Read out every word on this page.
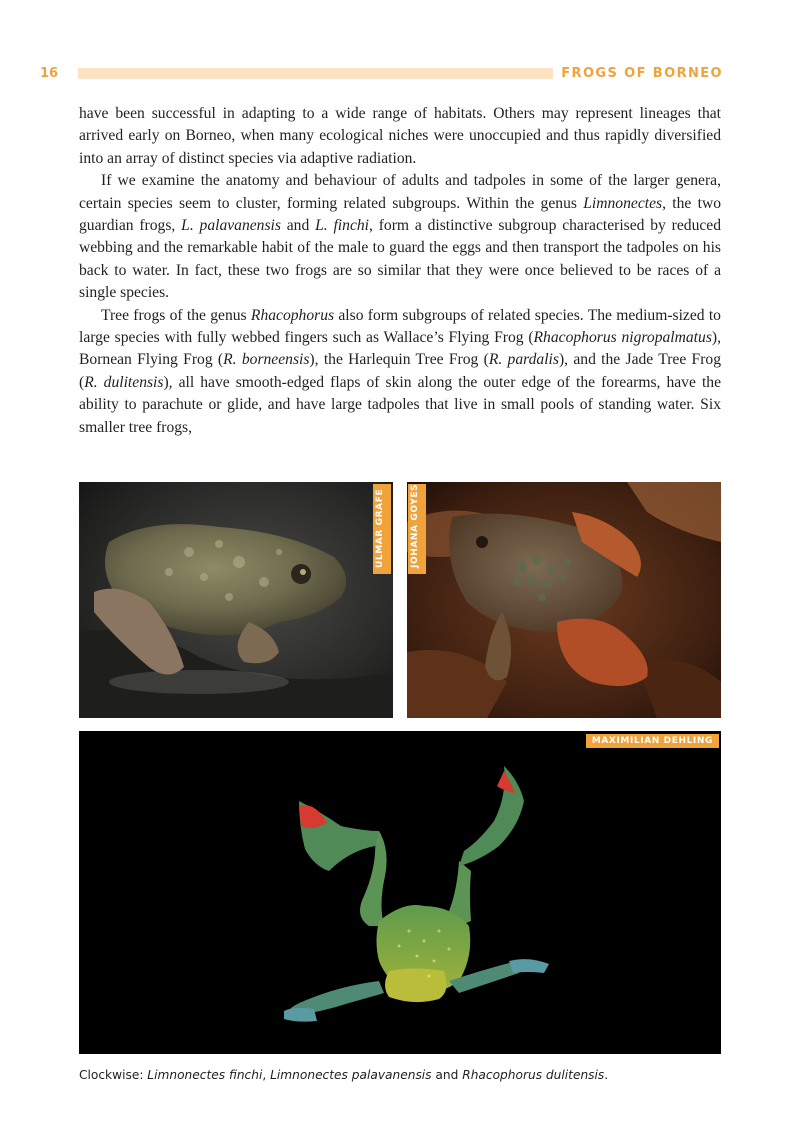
16	FROGS OF BORNEO

have been successful in adapting to a wide range of habitats. Others may represent lineages that arrived early on Borneo, when many ecological niches were unoccupied and thus rapidly diversified into an array of distinct species via adaptive radiation.

If we examine the anatomy and behaviour of adults and tadpoles in some of the larger genera, certain species seem to cluster, forming related subgroups. Within the genus Limnonectes, the two guardian frogs, L. palavanensis and L. finchi, form a distinctive subgroup characterised by reduced webbing and the remarkable habit of the male to guard the eggs and then transport the tadpoles on his back to water. In fact, these two frogs are so similar that they were once believed to be races of a single species.

Tree frogs of the genus Rhacophorus also form subgroups of related species. The medium-sized to large species with fully webbed fingers such as Wallace’s Flying Frog (Rhacophorus nigropalmatus), Bornean Flying Frog (R. borneensis), the Harlequin Tree Frog (R. pardalis), and the Jade Tree Frog (R. dulitensis), all have smooth-edged flaps of skin along the outer edge of the forearms, have the ability to parachute or glide, and have large tadpoles that live in small pools of standing water. Six smaller tree frogs,

ULMAR GRAFE	JOHANA GOYES
MAXIMILIAN DEHLING
Clockwise: Limnonectes finchi, Limnonectes palavanensis and Rhacophorus dulitensis.
